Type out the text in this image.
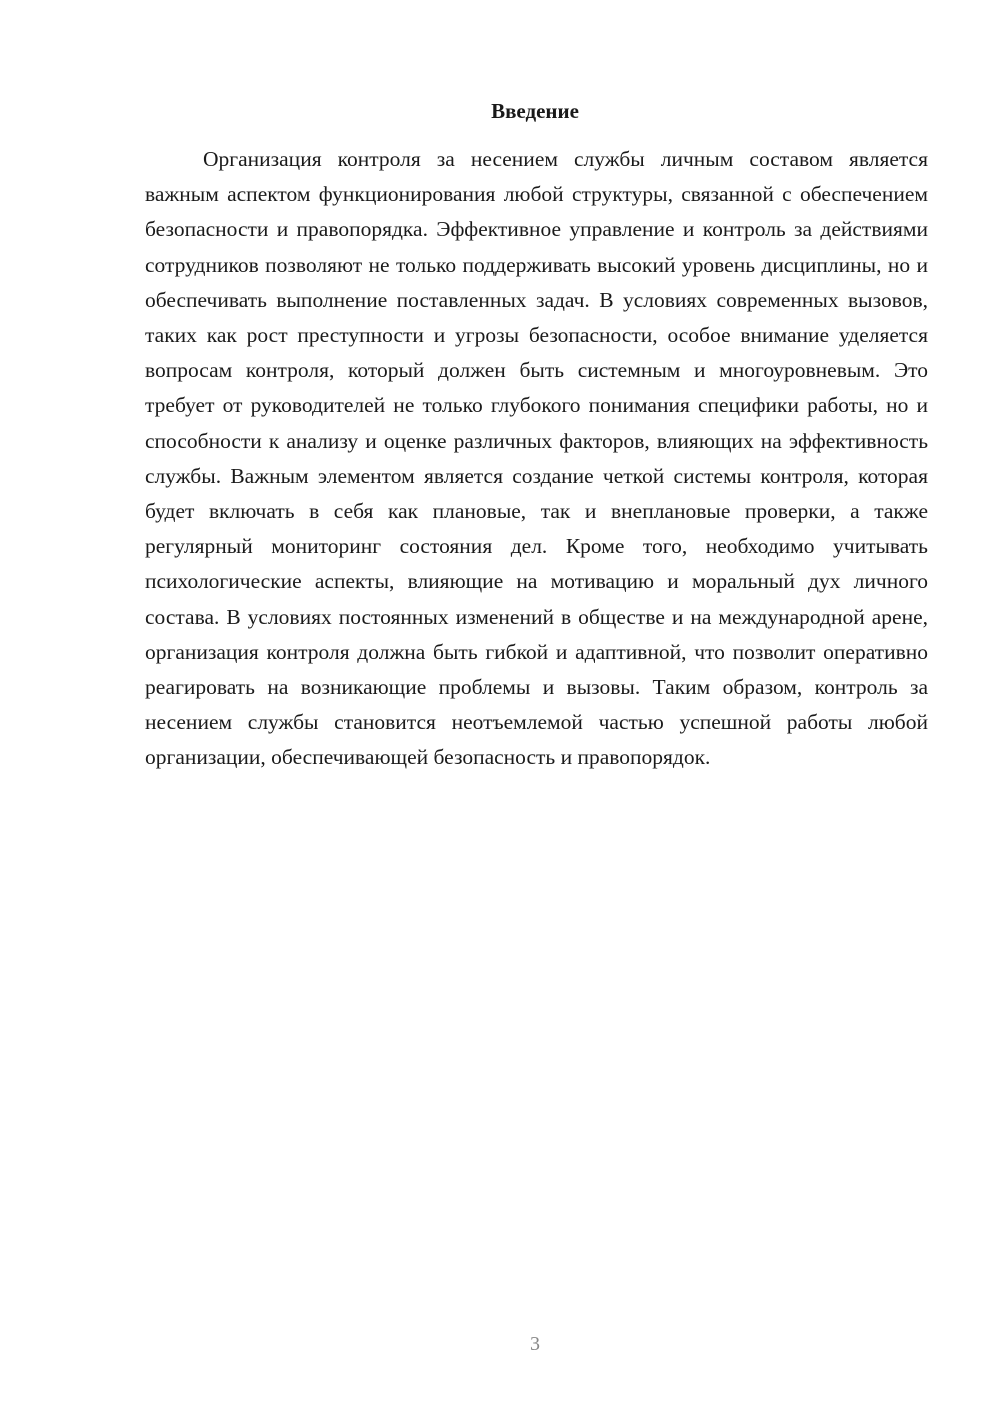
Введение

Организация контроля за несением службы личным составом является важным аспектом функционирования любой структуры, связанной с обеспечением безопасности и правопорядка. Эффективное управление и контроль за действиями сотрудников позволяют не только поддерживать высокий уровень дисциплины, но и обеспечивать выполнение поставленных задач. В условиях современных вызовов, таких как рост преступности и угрозы безопасности, особое внимание уделяется вопросам контроля, который должен быть системным и многоуровневым. Это требует от руководителей не только глубокого понимания специфики работы, но и способности к анализу и оценке различных факторов, влияющих на эффективность службы. Важным элементом является создание четкой системы контроля, которая будет включать в себя как плановые, так и внеплановые проверки, а также регулярный мониторинг состояния дел. Кроме того, необходимо учитывать психологические аспекты, влияющие на мотивацию и моральный дух личного состава. В условиях постоянных изменений в обществе и на международной арене, организация контроля должна быть гибкой и адаптивной, что позволит оперативно реагировать на возникающие проблемы и вызовы. Таким образом, контроль за несением службы становится неотъемлемой частью успешной работы любой организации, обеспечивающей безопасность и правопорядок.

3
